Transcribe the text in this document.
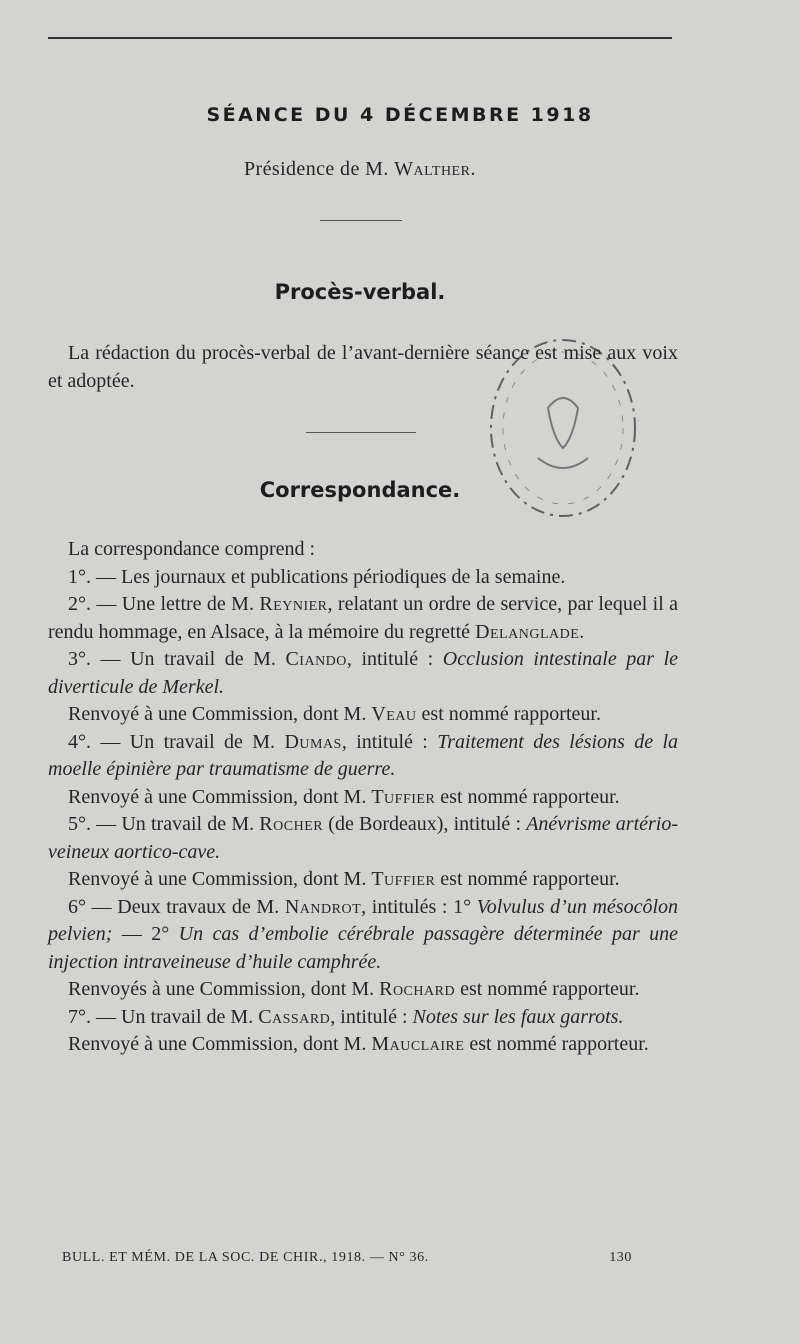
SÉANCE DU 4 DÉCEMBRE 1918
Présidence de M. Walther.
Procès-verbal.

La rédaction du procès-verbal de l’avant-dernière séance est mise aux voix et adoptée.

Correspondance.

La correspondance comprend :

1°. — Les journaux et publications périodiques de la semaine.

2°. — Une lettre de M. Reynier, relatant un ordre de service, par lequel il a rendu hommage, en Alsace, à la mémoire du regretté Delanglade.

3°. — Un travail de M. Ciando, intitulé : Occlusion intestinale par le diverticule de Merkel.

Renvoyé à une Commission, dont M. Veau est nommé rapporteur.

4°. — Un travail de M. Dumas, intitulé : Traitement des lésions de la moelle épinière par traumatisme de guerre.

Renvoyé à une Commission, dont M. Tuffier est nommé rapporteur.

5°. — Un travail de M. Rocher (de Bordeaux), intitulé : Anévrisme artério-veineux aortico-cave.

Renvoyé à une Commission, dont M. Tuffier est nommé rapporteur.

6° — Deux travaux de M. Nandrot, intitulés : 1° Volvulus d’un mésocôlon pelvien; — 2° Un cas d’embolie cérébrale passagère déterminée par une injection intraveineuse d’huile camphrée.

Renvoyés à une Commission, dont M. Rochard est nommé rapporteur.

7°. — Un travail de M. Cassard, intitulé : Notes sur les faux garrots.

Renvoyé à une Commission, dont M. Mauclaire est nommé rapporteur.

BULL. ET MÉM. DE LA SOC. DE CHIR., 1918. — N° 36.	130
